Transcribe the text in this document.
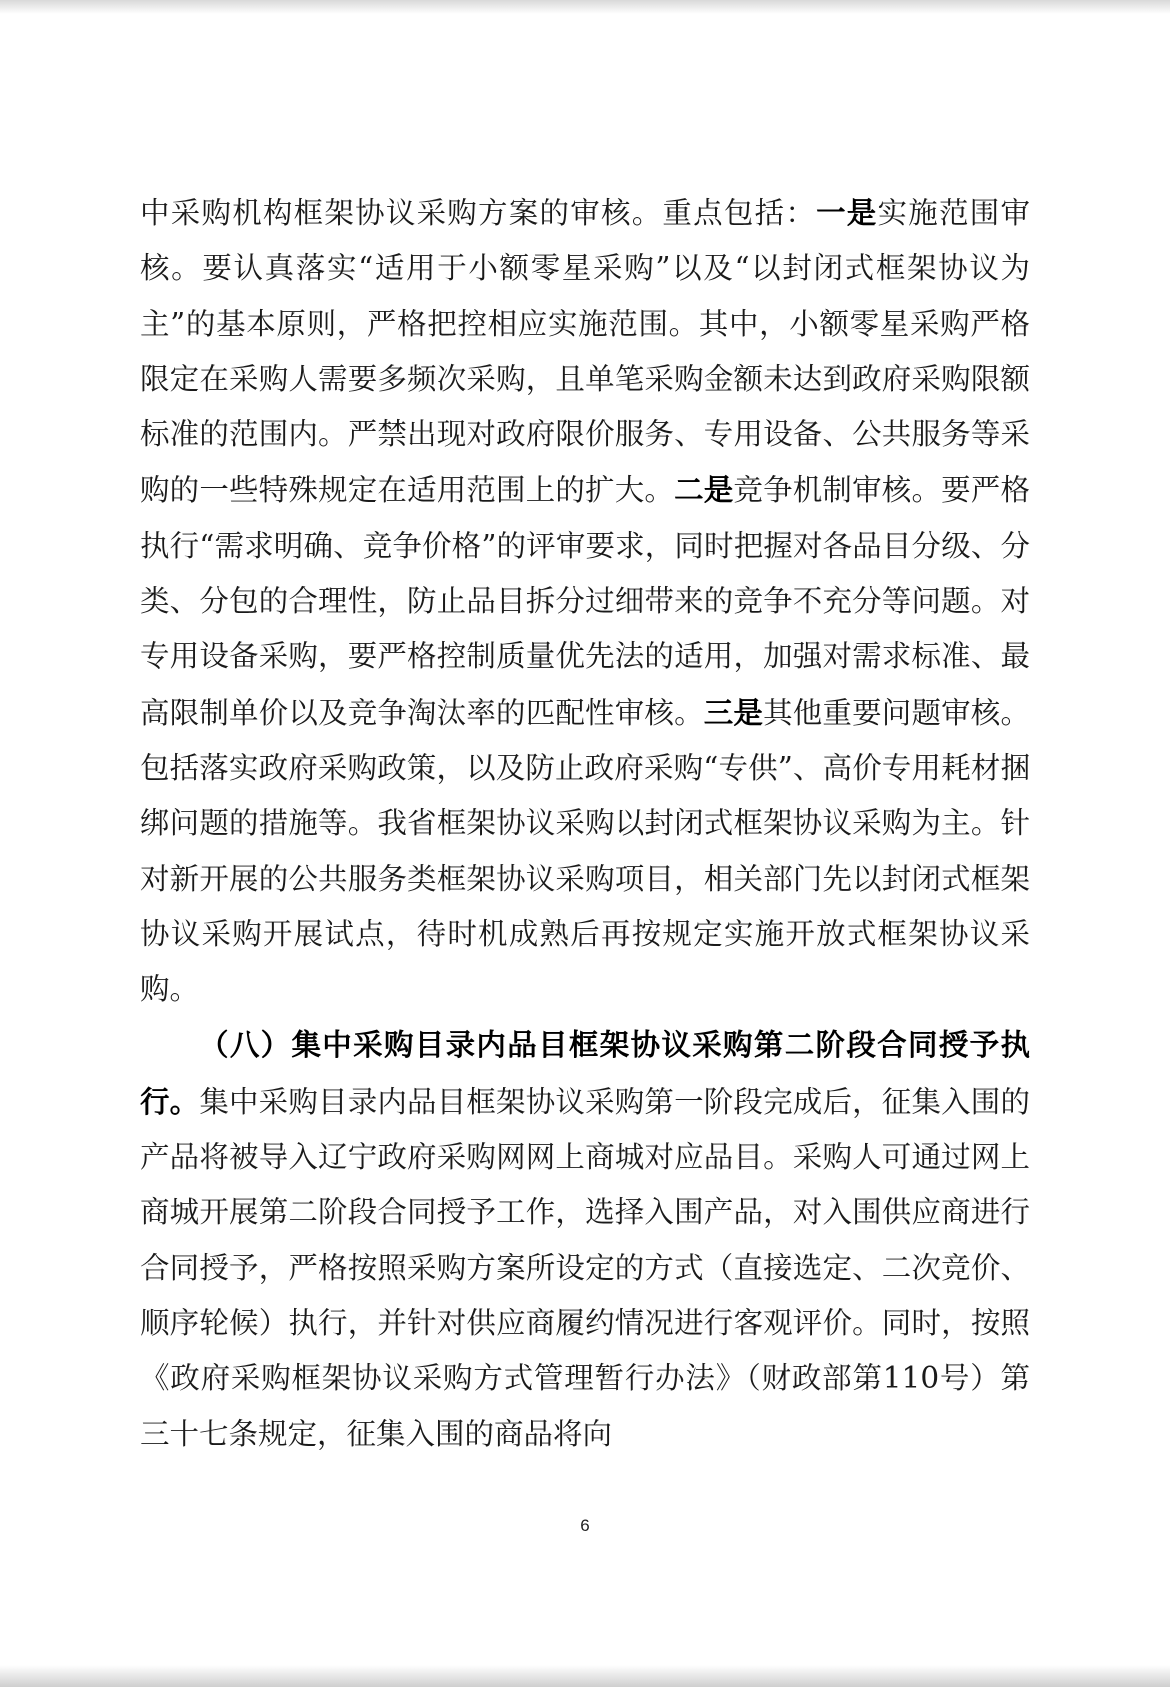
中采购机构框架协议采购方案的审核。重点包括：一是实施范围审核。要认真落实“适用于小额零星采购”以及“以封闭式框架协议为主”的基本原则，严格把控相应实施范围。其中，小额零星采购严格限定在采购人需要多频次采购，且单笔采购金额未达到政府采购限额标准的范围内。严禁出现对政府限价服务、专用设备、公共服务等采购的一些特殊规定在适用范围上的扩大。二是竞争机制审核。要严格执行“需求明确、竞争价格”的评审要求，同时把握对各品目分级、分类、分包的合理性，防止品目拆分过细带来的竞争不充分等问题。对专用设备采购，要严格控制质量优先法的适用，加强对需求标准、最高限制单价以及竞争淘汰率的匹配性审核。三是其他重要问题审核。包括落实政府采购政策，以及防止政府采购“专供”、高价专用耗材捆绑问题的措施等。我省框架协议采购以封闭式框架协议采购为主。针对新开展的公共服务类框架协议采购项目，相关部门先以封闭式框架协议采购开展试点，待时机成熟后再按规定实施开放式框架协议采购。

（八）集中采购目录内品目框架协议采购第二阶段合同授予执行。集中采购目录内品目框架协议采购第一阶段完成后，征集入围的产品将被导入辽宁政府采购网网上商城对应品目。采购人可通过网上商城开展第二阶段合同授予工作，选择入围产品，对入围供应商进行合同授予，严格按照采购方案所设定的方式（直接选定、二次竞价、顺序轮候）执行，并针对供应商履约情况进行客观评价。同时，按照《政府采购框架协议采购方式管理暂行办法》（财政部第110号）第三十七条规定，征集入围的商品将向

6
